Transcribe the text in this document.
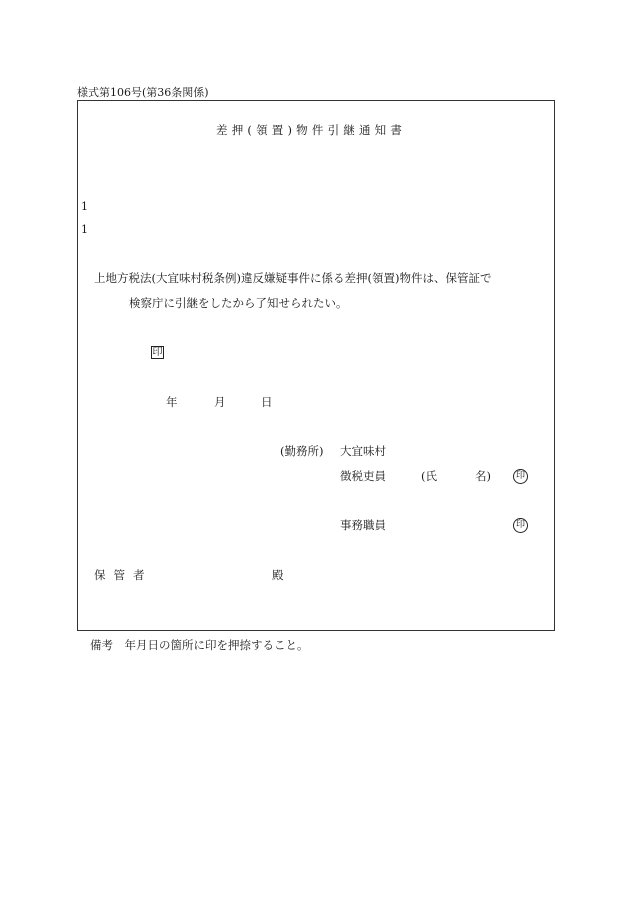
様式第106号(第36条関係)
差押(領置)物件引継通知書
1
1
上地方税法(大宜味村税条例)違反嫌疑事件に係る差押(領置)物件は、保管証で
検察庁に引継をしたから了知せられたい。
印
年	月	日
(勤務所) 大宜味村
徴税吏員	(氏	名)	印
事務職員	印
保管者	殿
備考　年月日の箇所に印を押捺すること。
